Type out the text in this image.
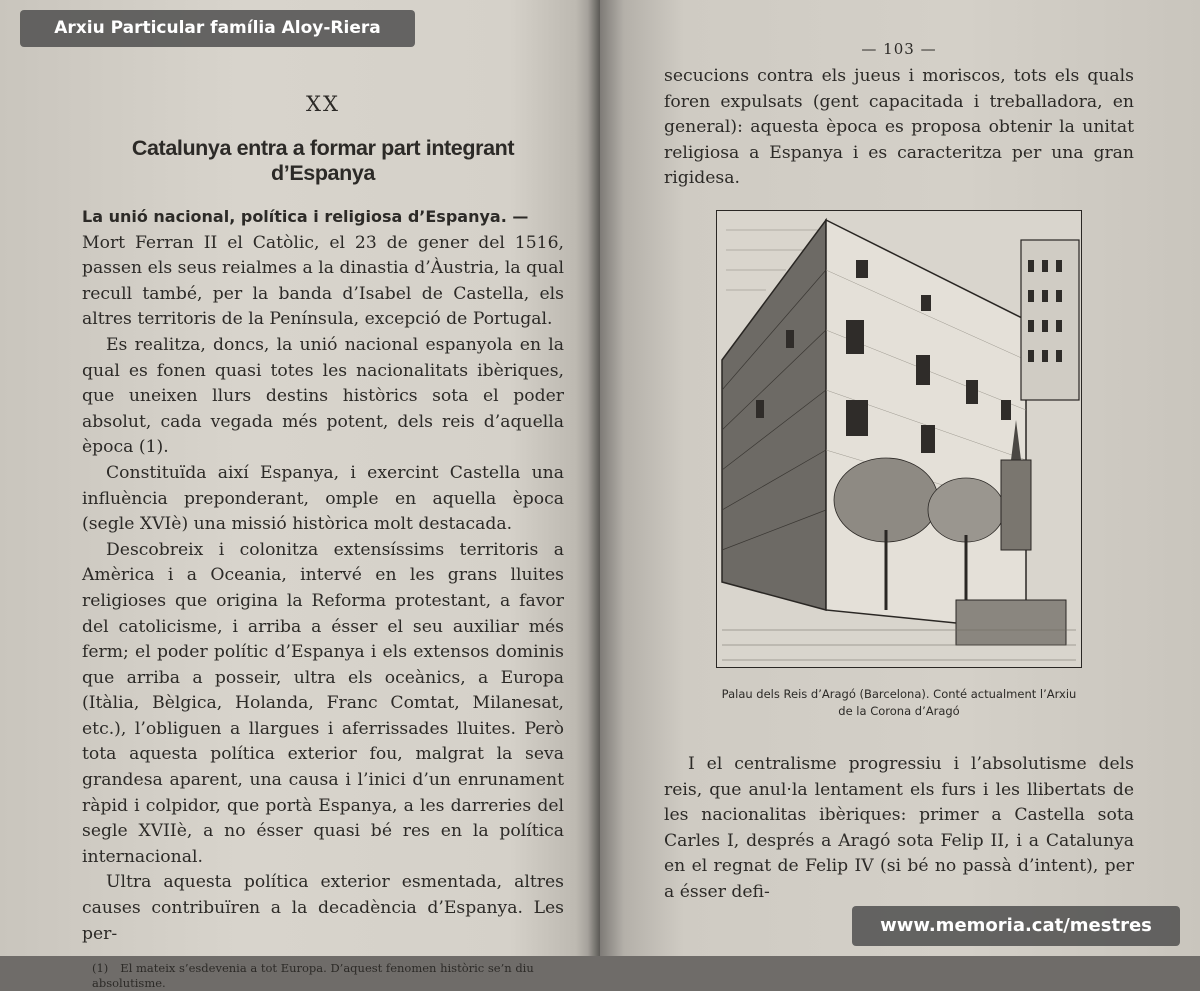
XX
Catalunya entra a formar part integrant d’Espanya

La unió nacional, política i religiosa d’Espanya. —

Mort Ferran II el Catòlic, el 23 de gener del 1516, passen els seus reialmes a la dinastia d’Àustria, la qual recull també, per la banda d’Isabel de Castella, els altres territoris de la Península, excepció de Portugal.

Es realitza, doncs, la unió nacional espanyola en la qual es fonen quasi totes les nacionalitats ibèriques, que uneixen llurs destins històrics sota el poder absolut, cada vegada més potent, dels reis d’aquella època (1).

Constituïda així Espanya, i exercint Castella una influència preponderant, omple en aquella època (segle XVIè) una missió històrica molt destacada.

Descobreix i colonitza extensíssims territoris a Amèrica i a Oceania, intervé en les grans lluites religioses que origina la Reforma protestant, a favor del catolicisme, i arriba a ésser el seu auxiliar més ferm; el poder polític d’Espanya i els extensos dominis que arriba a posseir, ultra els oceànics, a Europa (Itàlia, Bèlgica, Holanda, Franc Comtat, Milanesat, etc.), l’obliguen a llargues i aferrissades lluites. Però tota aquesta política exterior fou, malgrat la seva grandesa aparent, una causa i l’inici d’un enrunament ràpid i colpidor, que portà Espanya, a les darreries del segle XVIIè, a no ésser quasi bé res en la política internacional.

Ultra aquesta política exterior esmentada, altres causes contribuïren a la decadència d’Espanya. Les per-

(1) El mateix s’esdevenia a tot Europa. D’aquest fenomen històric se’n diu absolutisme.
— 103 —

secucions contra els jueus i moriscos, tots els quals foren expulsats (gent capacitada i treballadora, en general): aquesta època es proposa obtenir la unitat religiosa a Espanya i es caracteritza per una gran rigidesa.

Palau dels Reis d’Aragó (Barcelona). Conté actualment l’Arxiu
de la Corona d’Aragó

I el centralisme progressiu i l’absolutisme dels reis, que anul·la lentament els furs i les llibertats de les nacionalitas ibèriques: primer a Castella sota Carles I, després a Aragó sota Felip II, i a Catalunya en el regnat de Felip IV (si bé no passà d’intent), per a ésser defi-

Arxiu Particular família Aloy-Riera
www.memoria.cat/mestres
